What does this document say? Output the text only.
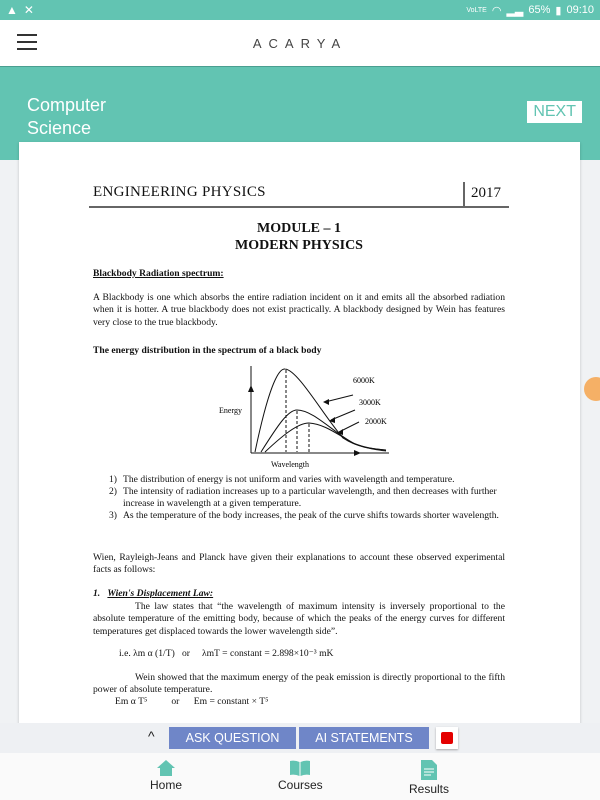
▲ ✕	VoLTE ◠ ▂▃ 65% ▮ 09:10
ACARYA
Computer
Science
NEXT
ENGINEERING PHYSICS	2017
MODULE – 1
MODERN PHYSICS
Blackbody Radiation spectrum:
A Blackbody is one which absorbs the entire radiation incident on it and emits all the absorbed radiation when it is hotter. A true blackbody does not exist practically. A blackbody designed by Wein has features very close to the true blackbody.
The energy distribution in the spectrum of a black body
6000K
3000K
2000K
Energy
Wavelength
1) The distribution of energy is not uniform and varies with wavelength and temperature.
2) The intensity of radiation increases up to a particular wavelength, and then decreases with further increase in wavelength at a given temperature.
3) As the temperature of the body increases, the peak of the curve shifts towards shorter wavelength.
Wien, Rayleigh-Jeans and Planck have given their explanations to account these observed experimental facts as follows:
1. Wien's Displacement Law:
The law states that “the wavelength of maximum intensity is inversely proportional to the absolute temperature of the emitting body, because of which the peaks of the energy curves for different temperatures get displaced towards the lower wavelength side”.
i.e. λm α (1/T)   or     λmT = constant = 2.898×10⁻³ mK
Wein showed that the maximum energy of the peak emission is directly proportional to the fifth power of absolute temperature.
Em α T⁵          or      Em = constant × T⁵
^	ASK QUESTION	AI STATEMENTS
Home	Courses	Results
